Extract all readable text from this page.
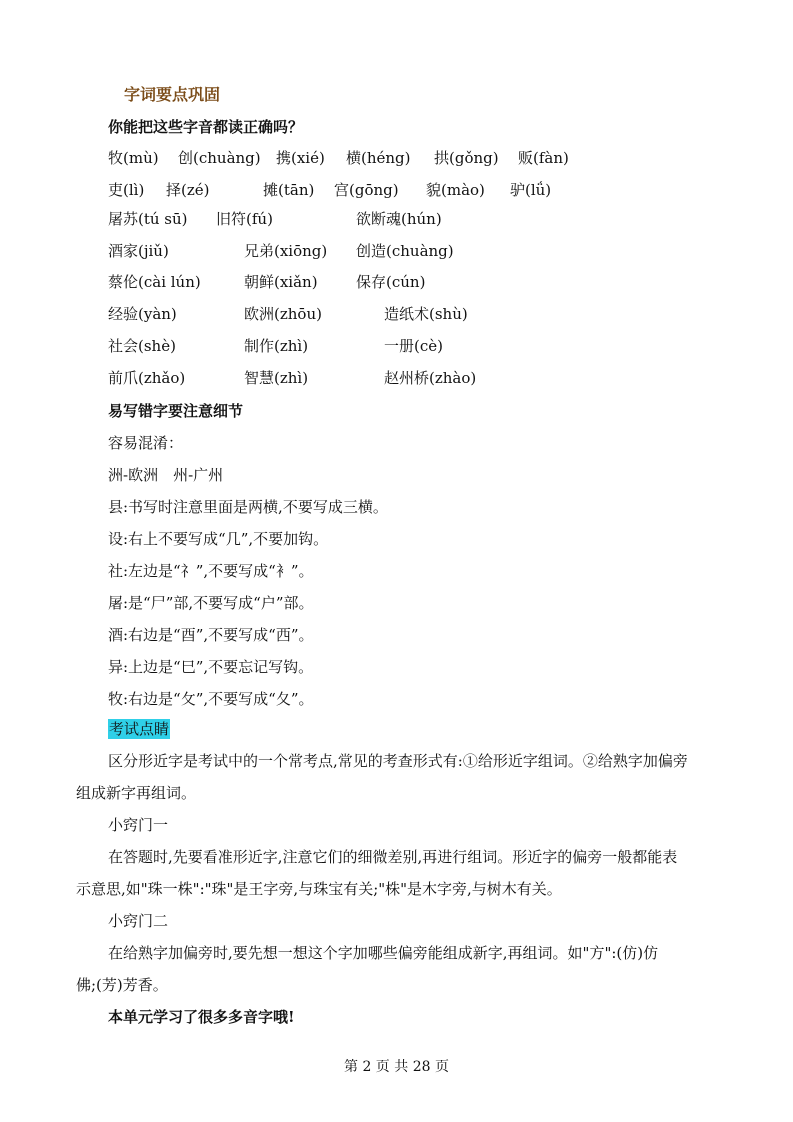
字词要点巩固
你能把这些字音都读正确吗？
牧(mù) 创(chuàng) 携(xié) 横(héng) 拱(gǒng) 贩(fàn)
吏(lì) 择(zé)	摊(tān) 宫(gōng) 貌(mào) 驴(lǘ)
屠苏(tú sū) 旧符(fú)	欲断魂(hún)
酒家(jiǔ)	兄弟(xiōng) 创造(chuàng)
蔡伦(cài lún)	朝鲜(xiǎn)	保存(cún)
经验(yàn)	欧洲(zhōu)	造纸术(shù)
社会(shè)	制作(zhì)	一册(cè)
前爪(zhǎo)	智慧(zhì)	赵州桥(zhào)
易写错字要注意细节
容易混淆：
洲-欧洲　州-广州
县:书写时注意里面是两横,不要写成三横。
设:右上不要写成“几”,不要加钩。
社:左边是“礻”,不要写成“衤”。
屠:是“尸”部,不要写成“户”部。
酒:右边是“酉”,不要写成“西”。
异:上边是“巳”,不要忘记写钩。
牧:右边是“攵”,不要写成“夂”。
考试点睛
区分形近字是考试中的一个常考点,常见的考查形式有:①给形近字组词。②给熟字加偏旁
组成新字再组词。
小窍门一
在答题时,先要看准形近字,注意它们的细微差别,再进行组词。形近字的偏旁一般都能表
示意思,如"珠一株":"珠"是王字旁,与珠宝有关;"株"是木字旁,与树木有关。
小窍门二
在给熟字加偏旁时,要先想一想这个字加哪些偏旁能组成新字,再组词。如"方":(仿)仿
佛;(芳)芳香。
本单元学习了很多多音字哦!
第 2 页 共 28 页
